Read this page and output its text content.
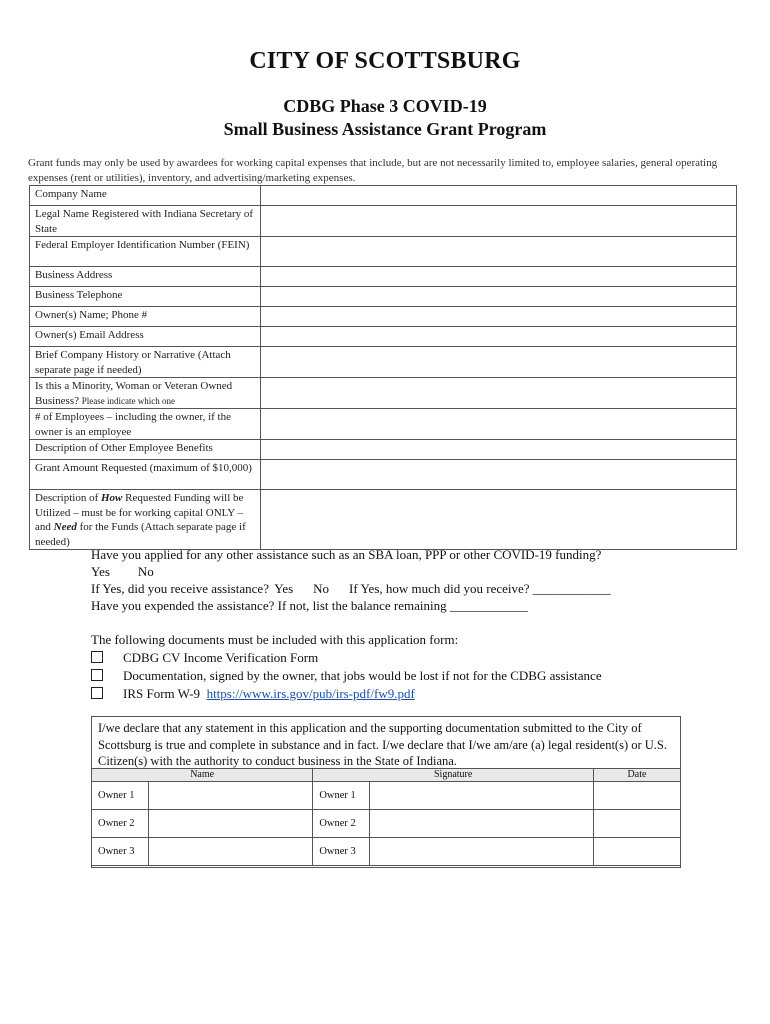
CITY OF SCOTTSBURG
CDBG Phase 3 COVID-19
Small Business Assistance Grant Program
Grant funds may only be used by awardees for working capital expenses that include, but are not necessarily limited to, employee salaries, general operating expenses (rent or utilities), inventory, and advertising/marketing expenses.
Company Name	
Legal Name Registered with Indiana Secretary of State	
Federal Employer Identification Number (FEIN)	
Business Address	
Business Telephone	
Owner(s) Name; Phone #	
Owner(s) Email Address	
Brief Company History or Narrative (Attach separate page if needed)	
Is this a Minority, Woman or Veteran Owned Business? Please indicate which one	
# of Employees – including the owner, if the owner is an employee	
Description of Other Employee Benefits	
Grant Amount Requested (maximum of $10,000)	
Description of How Requested Funding will be Utilized – must be for working capital ONLY – and Need for the Funds (Attach separate page if needed)	
Have you applied for any other assistance such as an SBA loan, PPP or other COVID-19 funding?
Yes No
If Yes, did you receive assistance? Yes No If Yes, how much did you receive? ____________
Have you expended the assistance? If not, list the balance remaining ____________
The following documents must be included with this application form:
CDBG CV Income Verification Form
Documentation, signed by the owner, that jobs would be lost if not for the CDBG assistance
IRS Form W-9 https://www.irs.gov/pub/irs-pdf/fw9.pdf
I/we declare that any statement in this application and the supporting documentation submitted to the City of Scottsburg is true and complete in substance and in fact. I/we declare that I/we am/are (a) legal resident(s) or U.S. Citizen(s) with the authority to conduct business in the State of Indiana.
Name		Signature		Date
Owner 1		Owner 1		
Owner 2		Owner 2		
Owner 3		Owner 3		
